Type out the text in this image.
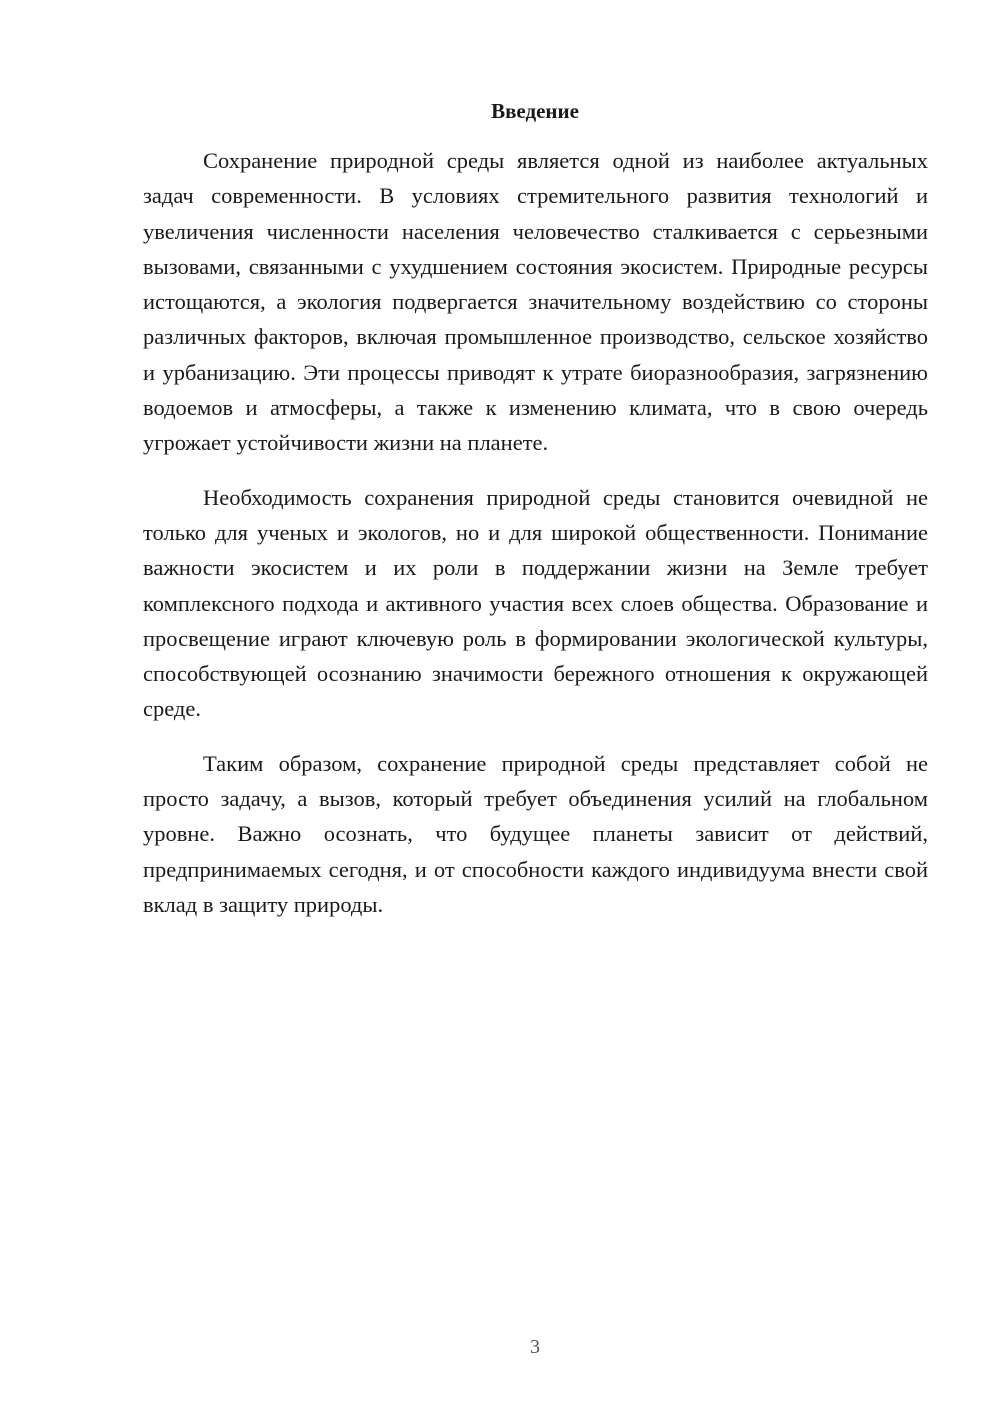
Введение

Сохранение природной среды является одной из наиболее актуальных задач современности. В условиях стремительного развития технологий и увеличения численности населения человечество сталкивается с серьезными вызовами, связанными с ухудшением состояния экосистем. Природные ресурсы истощаются, а экология подвергается значительному воздействию со стороны различных факторов, включая промышленное производство, сельское хозяйство и урбанизацию. Эти процессы приводят к утрате биоразнообразия, загрязнению водоемов и атмосферы, а также к изменению климата, что в свою очередь угрожает устойчивости жизни на планете.

Необходимость сохранения природной среды становится очевидной не только для ученых и экологов, но и для широкой общественности. Понимание важности экосистем и их роли в поддержании жизни на Земле требует комплексного подхода и активного участия всех слоев общества. Образование и просвещение играют ключевую роль в формировании экологической культуры, способствующей осознанию значимости бережного отношения к окружающей среде.

Таким образом, сохранение природной среды представляет собой не просто задачу, а вызов, который требует объединения усилий на глобальном уровне. Важно осознать, что будущее планеты зависит от действий, предпринимаемых сегодня, и от способности каждого индивидуума внести свой вклад в защиту природы.

3
